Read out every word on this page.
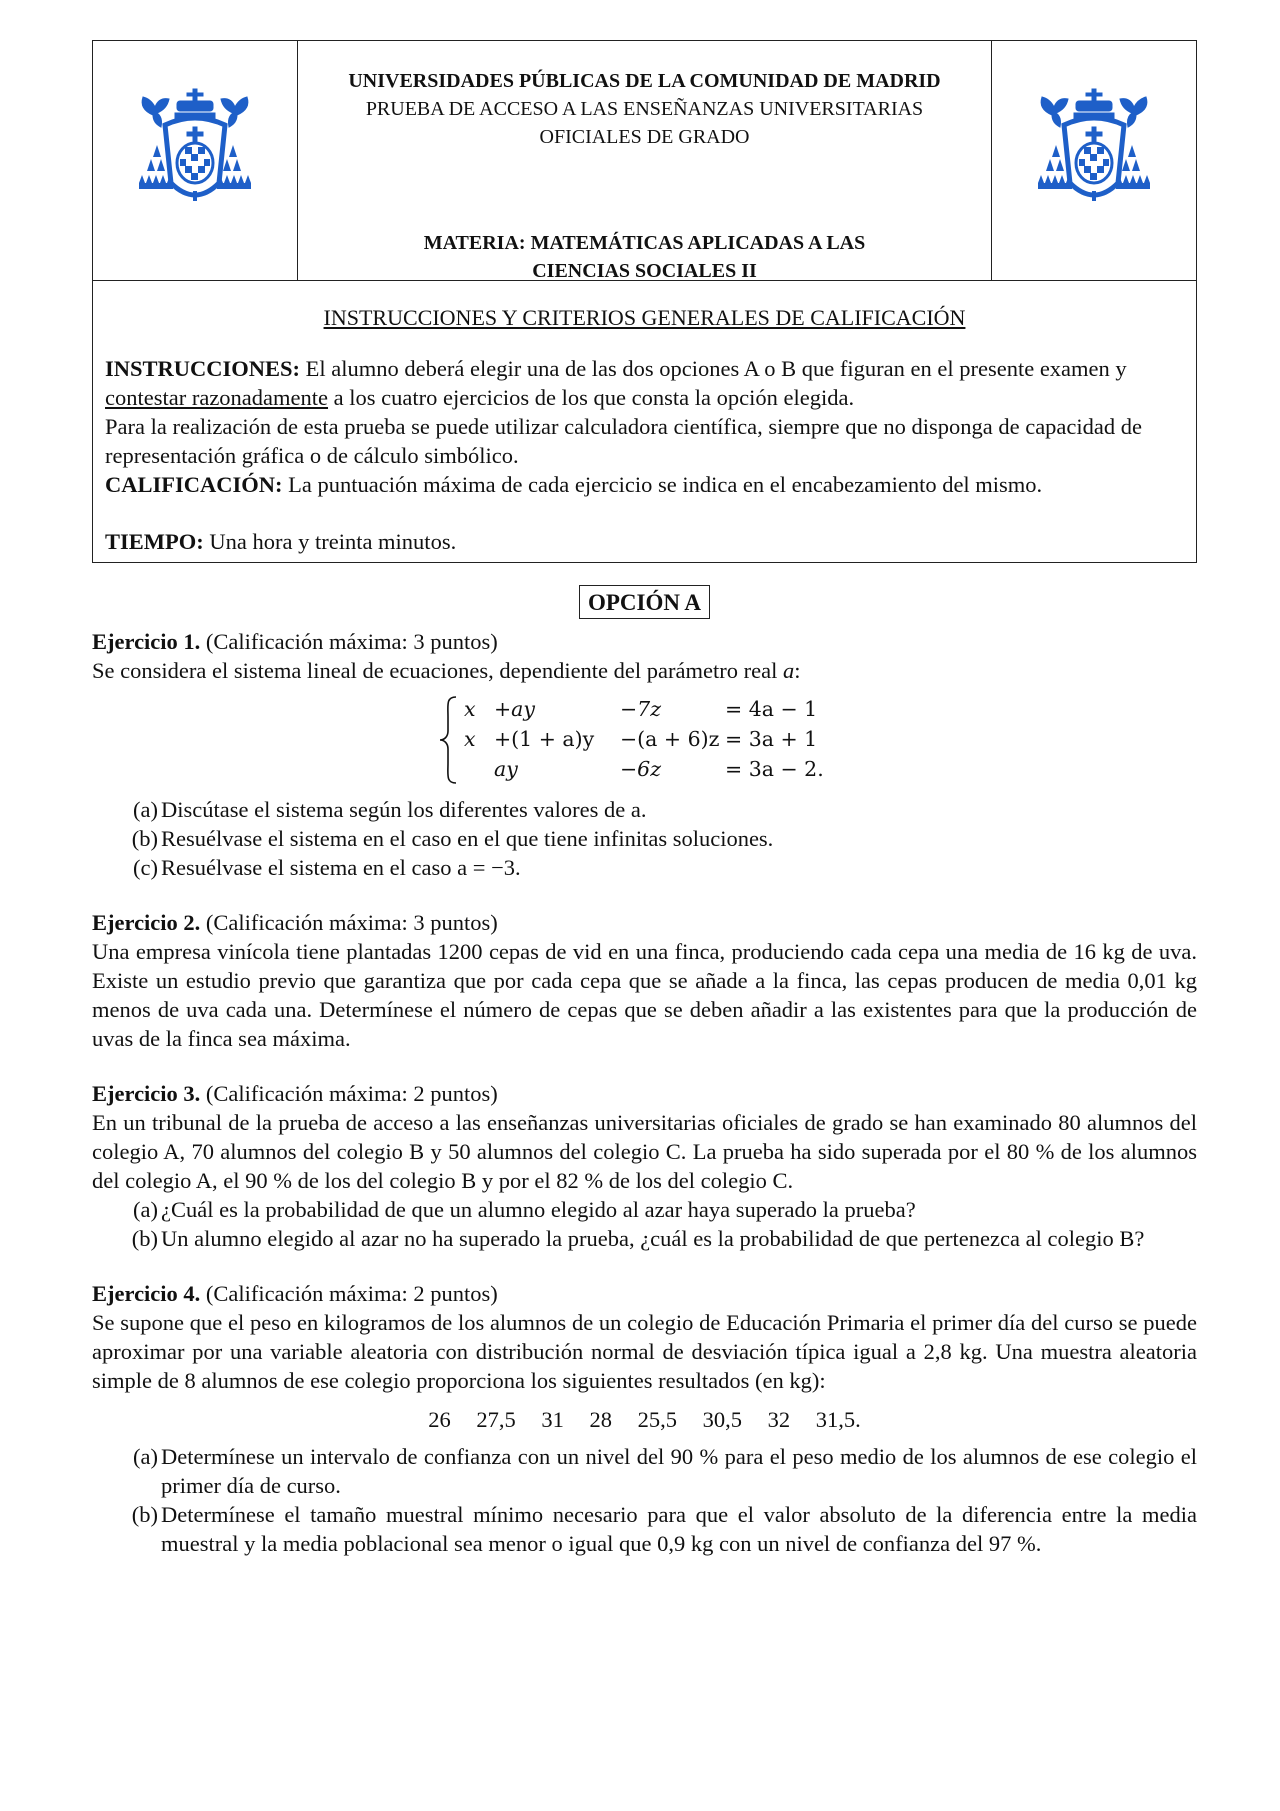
UNIVERSIDADES PÚBLICAS DE LA COMUNIDAD DE MADRID
PRUEBA DE ACCESO A LAS ENSEÑANZAS UNIVERSITARIAS
OFICIALES DE GRADO
MATERIA: MATEMÁTICAS APLICADAS A LAS
CIENCIAS SOCIALES II
INSTRUCCIONES Y CRITERIOS GENERALES DE CALIFICACIÓN

INSTRUCCIONES: El alumno deberá elegir una de las dos opciones A o B que figuran en el presente examen y contestar razonadamente a los cuatro ejercicios de los que consta la opción elegida.

Para la realización de esta prueba se puede utilizar calculadora científica, siempre que no disponga de capacidad de representación gráfica o de cálculo simbólico.

CALIFICACIÓN: La puntuación máxima de cada ejercicio se indica en el encabezamiento del mismo.

TIEMPO: Una hora y treinta minutos.

OPCIÓN A
Ejercicio 1. (Calificación máxima: 3 puntos)

Se considera el sistema lineal de ecuaciones, dependiente del parámetro real a:

x +ay	−7z	= 4a − 1
x +(1 + a)y −(a + 6)z = 3a + 1
ay	−6z	= 3a − 2.
(a) Discútase el sistema según los diferentes valores de a.
(b) Resuélvase el sistema en el caso en el que tiene infinitas soluciones.
(c) Resuélvase el sistema en el caso a = −3.
Ejercicio 2. (Calificación máxima: 3 puntos)

Una empresa vinícola tiene plantadas 1200 cepas de vid en una finca, produciendo cada cepa una media de 16 kg de uva. Existe un estudio previo que garantiza que por cada cepa que se añade a la finca, las cepas producen de media 0,01 kg menos de uva cada una. Determínese el número de cepas que se deben añadir a las existentes para que la producción de uvas de la finca sea máxima.

Ejercicio 3. (Calificación máxima: 2 puntos)

En un tribunal de la prueba de acceso a las enseñanzas universitarias oficiales de grado se han examinado 80 alumnos del colegio A, 70 alumnos del colegio B y 50 alumnos del colegio C. La prueba ha sido superada por el 80 % de los alumnos del colegio A, el 90 % de los del colegio B y por el 82 % de los del colegio C.

(a) ¿Cuál es la probabilidad de que un alumno elegido al azar haya superado la prueba?
(b) Un alumno elegido al azar no ha superado la prueba, ¿cuál es la probabilidad de que pertenezca al colegio B?
Ejercicio 4. (Calificación máxima: 2 puntos)

Se supone que el peso en kilogramos de los alumnos de un colegio de Educación Primaria el primer día del curso se puede aproximar por una variable aleatoria con distribución normal de desviación típica igual a 2,8 kg. Una muestra aleatoria simple de 8 alumnos de ese colegio proporciona los siguientes resultados (en kg):

26 27,5 31 28 25,5 30,5 32 31,5.
(a) Determínese un intervalo de confianza con un nivel del 90 % para el peso medio de los alumnos de ese colegio el primer día de curso.
(b) Determínese el tamaño muestral mínimo necesario para que el valor absoluto de la diferencia entre la media muestral y la media poblacional sea menor o igual que 0,9 kg con un nivel de confianza del 97 %.
